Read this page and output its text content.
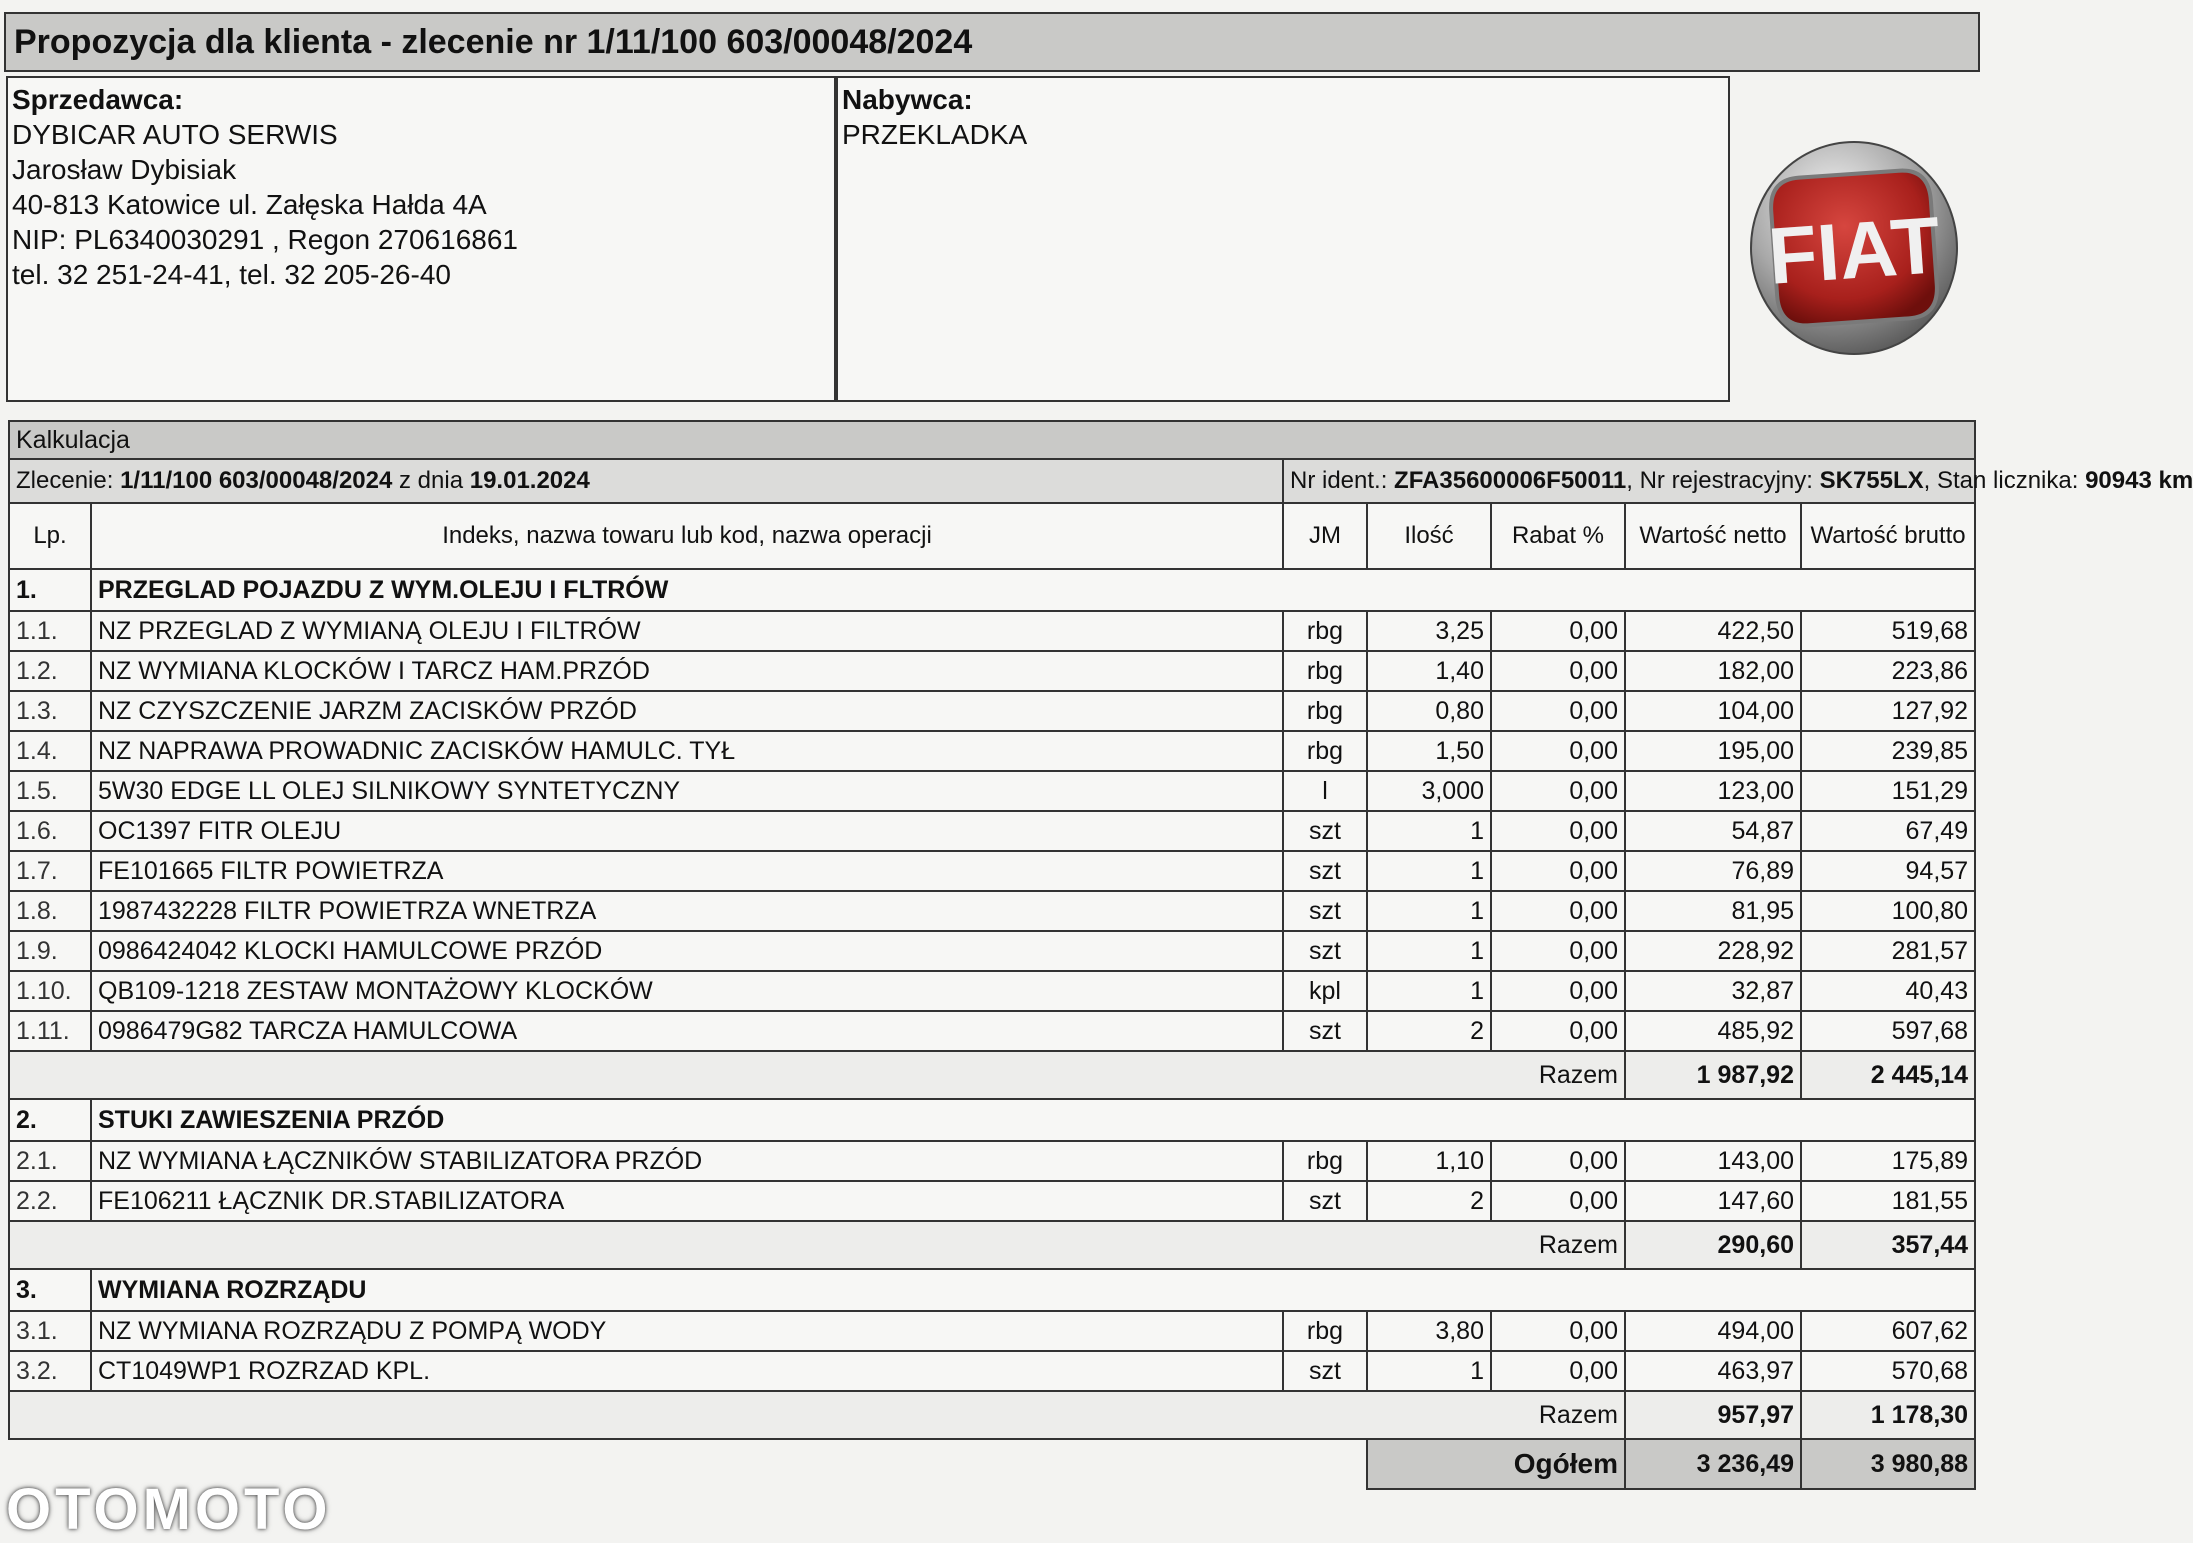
Propozycja dla klienta - zlecenie nr 1/11/100 603/00048/2024
Sprzedawca:
DYBICAR AUTO SERWIS
Jarosław Dybisiak
40-813 Katowice ul. Załęska Hałda 4A
NIP: PL6340030291 , Regon 270616861
tel. 32 251-24-41, tel. 32 205-26-40
Nabywca:
PRZEKLADKA
FIAT
Kalkulacja						
Zlecenie: 1/11/100 603/00048/2024 z dnia 19.01.2024		Nr ident.: ZFA35600006F50011, Nr rejestracyjny: SK755LX, Stan licznika: 90943 km				
Lp.	Indeks, nazwa towaru lub kod, nazwa operacji	JM	Ilość	Rabat %	Wartość netto	Wartość brutto
1.	PRZEGLAD POJAZDU Z WYM.OLEJU I FLTRÓW					
1.1.	NZ PRZEGLAD Z WYMIANĄ OLEJU I FILTRÓW	rbg	3,25	0,00	422,50	519,68
1.2.	NZ WYMIANA KLOCKÓW I TARCZ HAM.PRZÓD	rbg	1,40	0,00	182,00	223,86
1.3.	NZ CZYSZCZENIE JARZM ZACISKÓW PRZÓD	rbg	0,80	0,00	104,00	127,92
1.4.	NZ NAPRAWA PROWADNIC ZACISKÓW HAMULC. TYŁ	rbg	1,50	0,00	195,00	239,85
1.5.	5W30 EDGE LL OLEJ SILNIKOWY SYNTETYCZNY	l	3,000	0,00	123,00	151,29
1.6.	OC1397 FITR OLEJU	szt	1	0,00	54,87	67,49
1.7.	FE101665 FILTR POWIETRZA	szt	1	0,00	76,89	94,57
1.8.	1987432228 FILTR POWIETRZA WNETRZA	szt	1	0,00	81,95	100,80
1.9.	0986424042 KLOCKI HAMULCOWE PRZÓD	szt	1	0,00	228,92	281,57
1.10.	QB109-1218 ZESTAW MONTAŻOWY KLOCKÓW	kpl	1	0,00	32,87	40,43
1.11.	0986479G82 TARCZA HAMULCOWA	szt	2	0,00	485,92	597,68
				Razem	1 987,92	2 445,14
2.	STUKI ZAWIESZENIA PRZÓD					
2.1.	NZ WYMIANA ŁĄCZNIKÓW STABILIZATORA PRZÓD	rbg	1,10	0,00	143,00	175,89
2.2.	FE106211 ŁĄCZNIK DR.STABILIZATORA	szt	2	0,00	147,60	181,55
				Razem	290,60	357,44
3.	WYMIANA ROZRZĄDU					
3.1.	NZ WYMIANA ROZRZĄDU Z POMPĄ WODY	rbg	3,80	0,00	494,00	607,62
3.2.	CT1049WP1 ROZRZAD KPL.	szt	1	0,00	463,97	570,68
				Razem	957,97	1 178,30
			Ogółem		3 236,49	3 980,88
OTOMOTO
